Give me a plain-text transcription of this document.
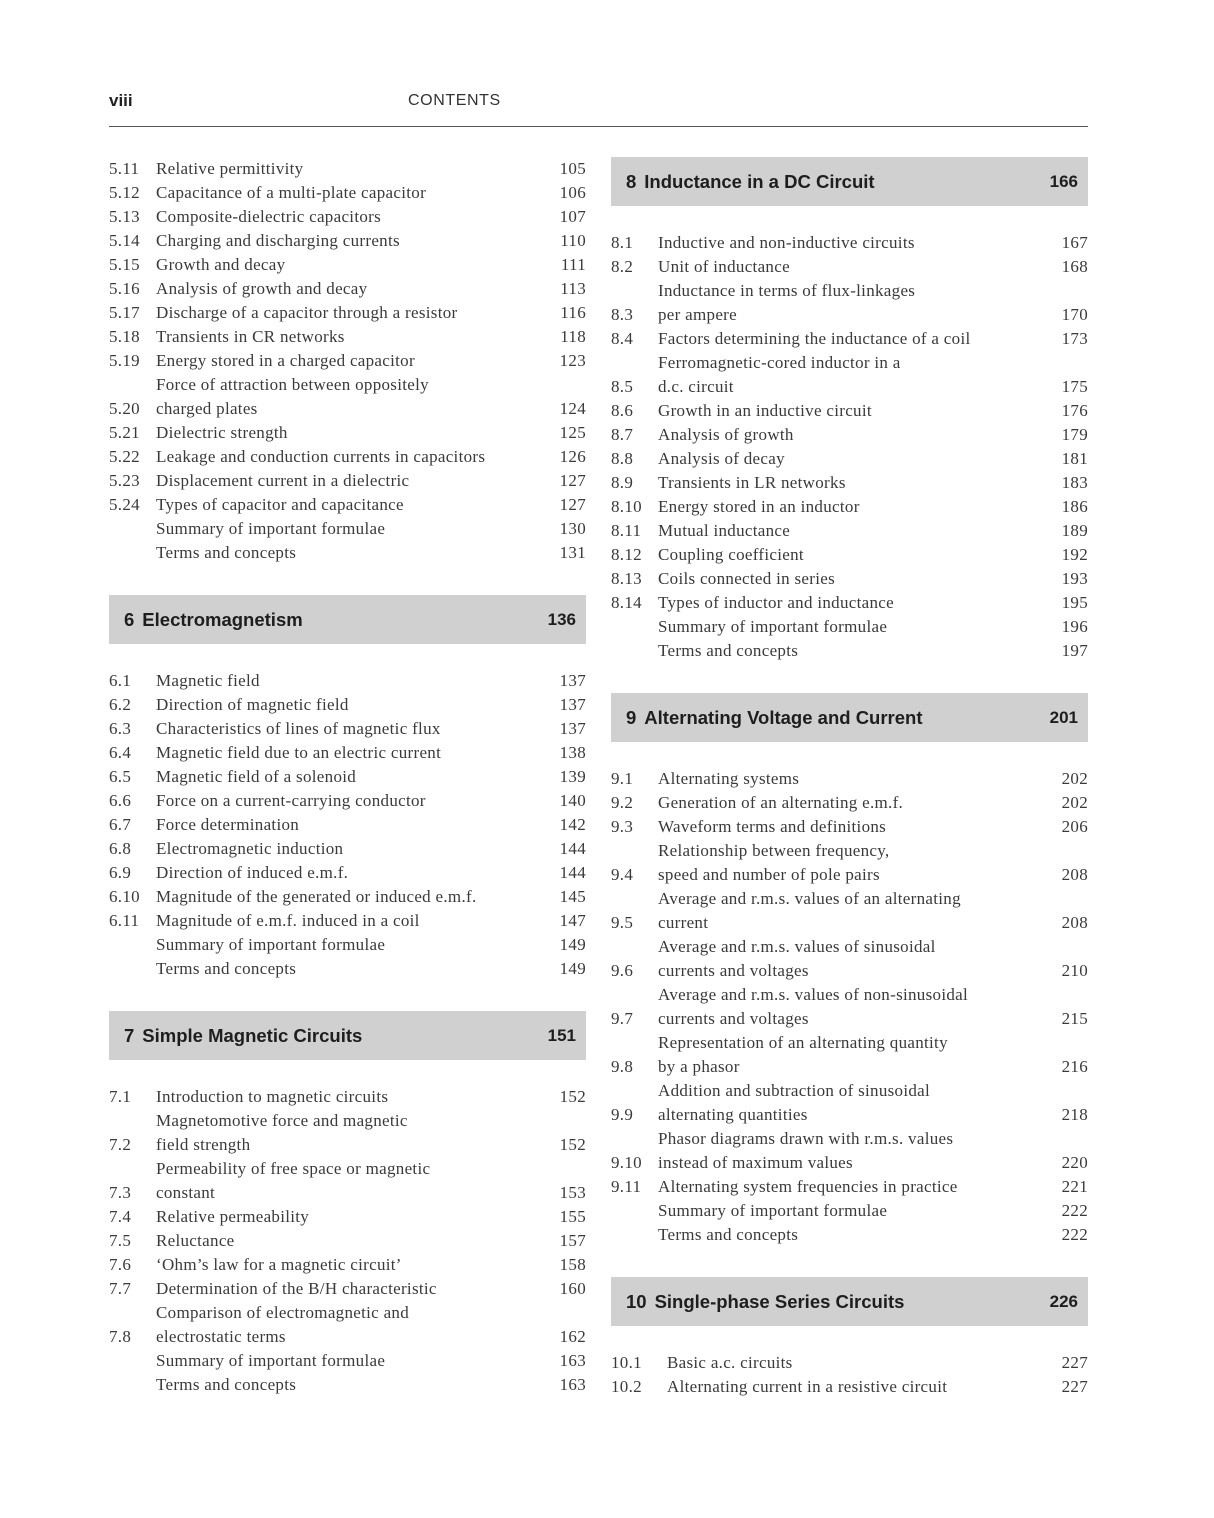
viii	CONTENTS
5.11 Relative permittivity	105
5.12 Capacitance of a multi-plate capacitor	106
5.13 Composite-dielectric capacitors	107
5.14 Charging and discharging currents	110
5.15 Growth and decay	111
5.16 Analysis of growth and decay	113
5.17 Discharge of a capacitor through a resistor	116
5.18 Transients in CR networks	118
5.19 Energy stored in a charged capacitor	123
5.20
Force of attraction between oppositely
charged plates	124
5.21 Dielectric strength	125
5.22 Leakage and conduction currents in capacitors	126
5.23 Displacement current in a dielectric	127
5.24 Types of capacitor and capacitance	127
Summary of important formulae	130
Terms and concepts	131
6 Electromagnetism	136
6.1	Magnetic field	137
6.2	Direction of magnetic field	137
6.3	Characteristics of lines of magnetic flux	137
6.4	Magnetic field due to an electric current	138
6.5	Magnetic field of a solenoid	139
6.6	Force on a current-carrying conductor	140
6.7	Force determination	142
6.8	Electromagnetic induction	144
6.9	Direction of induced e.m.f.	144
6.10 Magnitude of the generated or induced e.m.f.	145
6.11 Magnitude of e.m.f. induced in a coil	147
Summary of important formulae	149
Terms and concepts	149
7 Simple Magnetic Circuits	151
7.1	Introduction to magnetic circuits	152
7.2
Magnetomotive force and magnetic
field strength	152
7.3
Permeability of free space or magnetic
constant	153
7.4	Relative permeability	155
7.5	Reluctance	157
7.6	‘Ohm’s law for a magnetic circuit’	158
7.7	Determination of the B/H characteristic	160
7.8
Comparison of electromagnetic and
electrostatic terms	162
Summary of important formulae	163
Terms and concepts	163
8 Inductance in a DC Circuit	166
8.1	Inductive and non-inductive circuits	167
8.2	Unit of inductance	168
8.3
Inductance in terms of flux-linkages
per ampere	170
8.4	Factors determining the inductance of a coil	173
8.5
Ferromagnetic-cored inductor in a
d.c. circuit	175
8.6	Growth in an inductive circuit	176
8.7	Analysis of growth	179
8.8	Analysis of decay	181
8.9	Transients in LR networks	183
8.10 Energy stored in an inductor	186
8.11 Mutual inductance	189
8.12 Coupling coefficient	192
8.13 Coils connected in series	193
8.14 Types of inductor and inductance	195
Summary of important formulae	196
Terms and concepts	197
9 Alternating Voltage and Current	201
9.1	Alternating systems	202
9.2	Generation of an alternating e.m.f.	202
9.3	Waveform terms and definitions	206
9.4
Relationship between frequency,
speed and number of pole pairs	208
9.5
Average and r.m.s. values of an alternating
current	208
9.6
Average and r.m.s. values of sinusoidal
currents and voltages	210
9.7
Average and r.m.s. values of non-sinusoidal
currents and voltages	215
9.8
Representation of an alternating quantity
by a phasor	216
9.9
Addition and subtraction of sinusoidal
alternating quantities	218
9.10
Phasor diagrams drawn with r.m.s. values
instead of maximum values	220
9.11 Alternating system frequencies in practice	221
Summary of important formulae	222
Terms and concepts	222
10 Single-phase Series Circuits	226
10.1	Basic a.c. circuits	227
10.2	Alternating current in a resistive circuit	227
